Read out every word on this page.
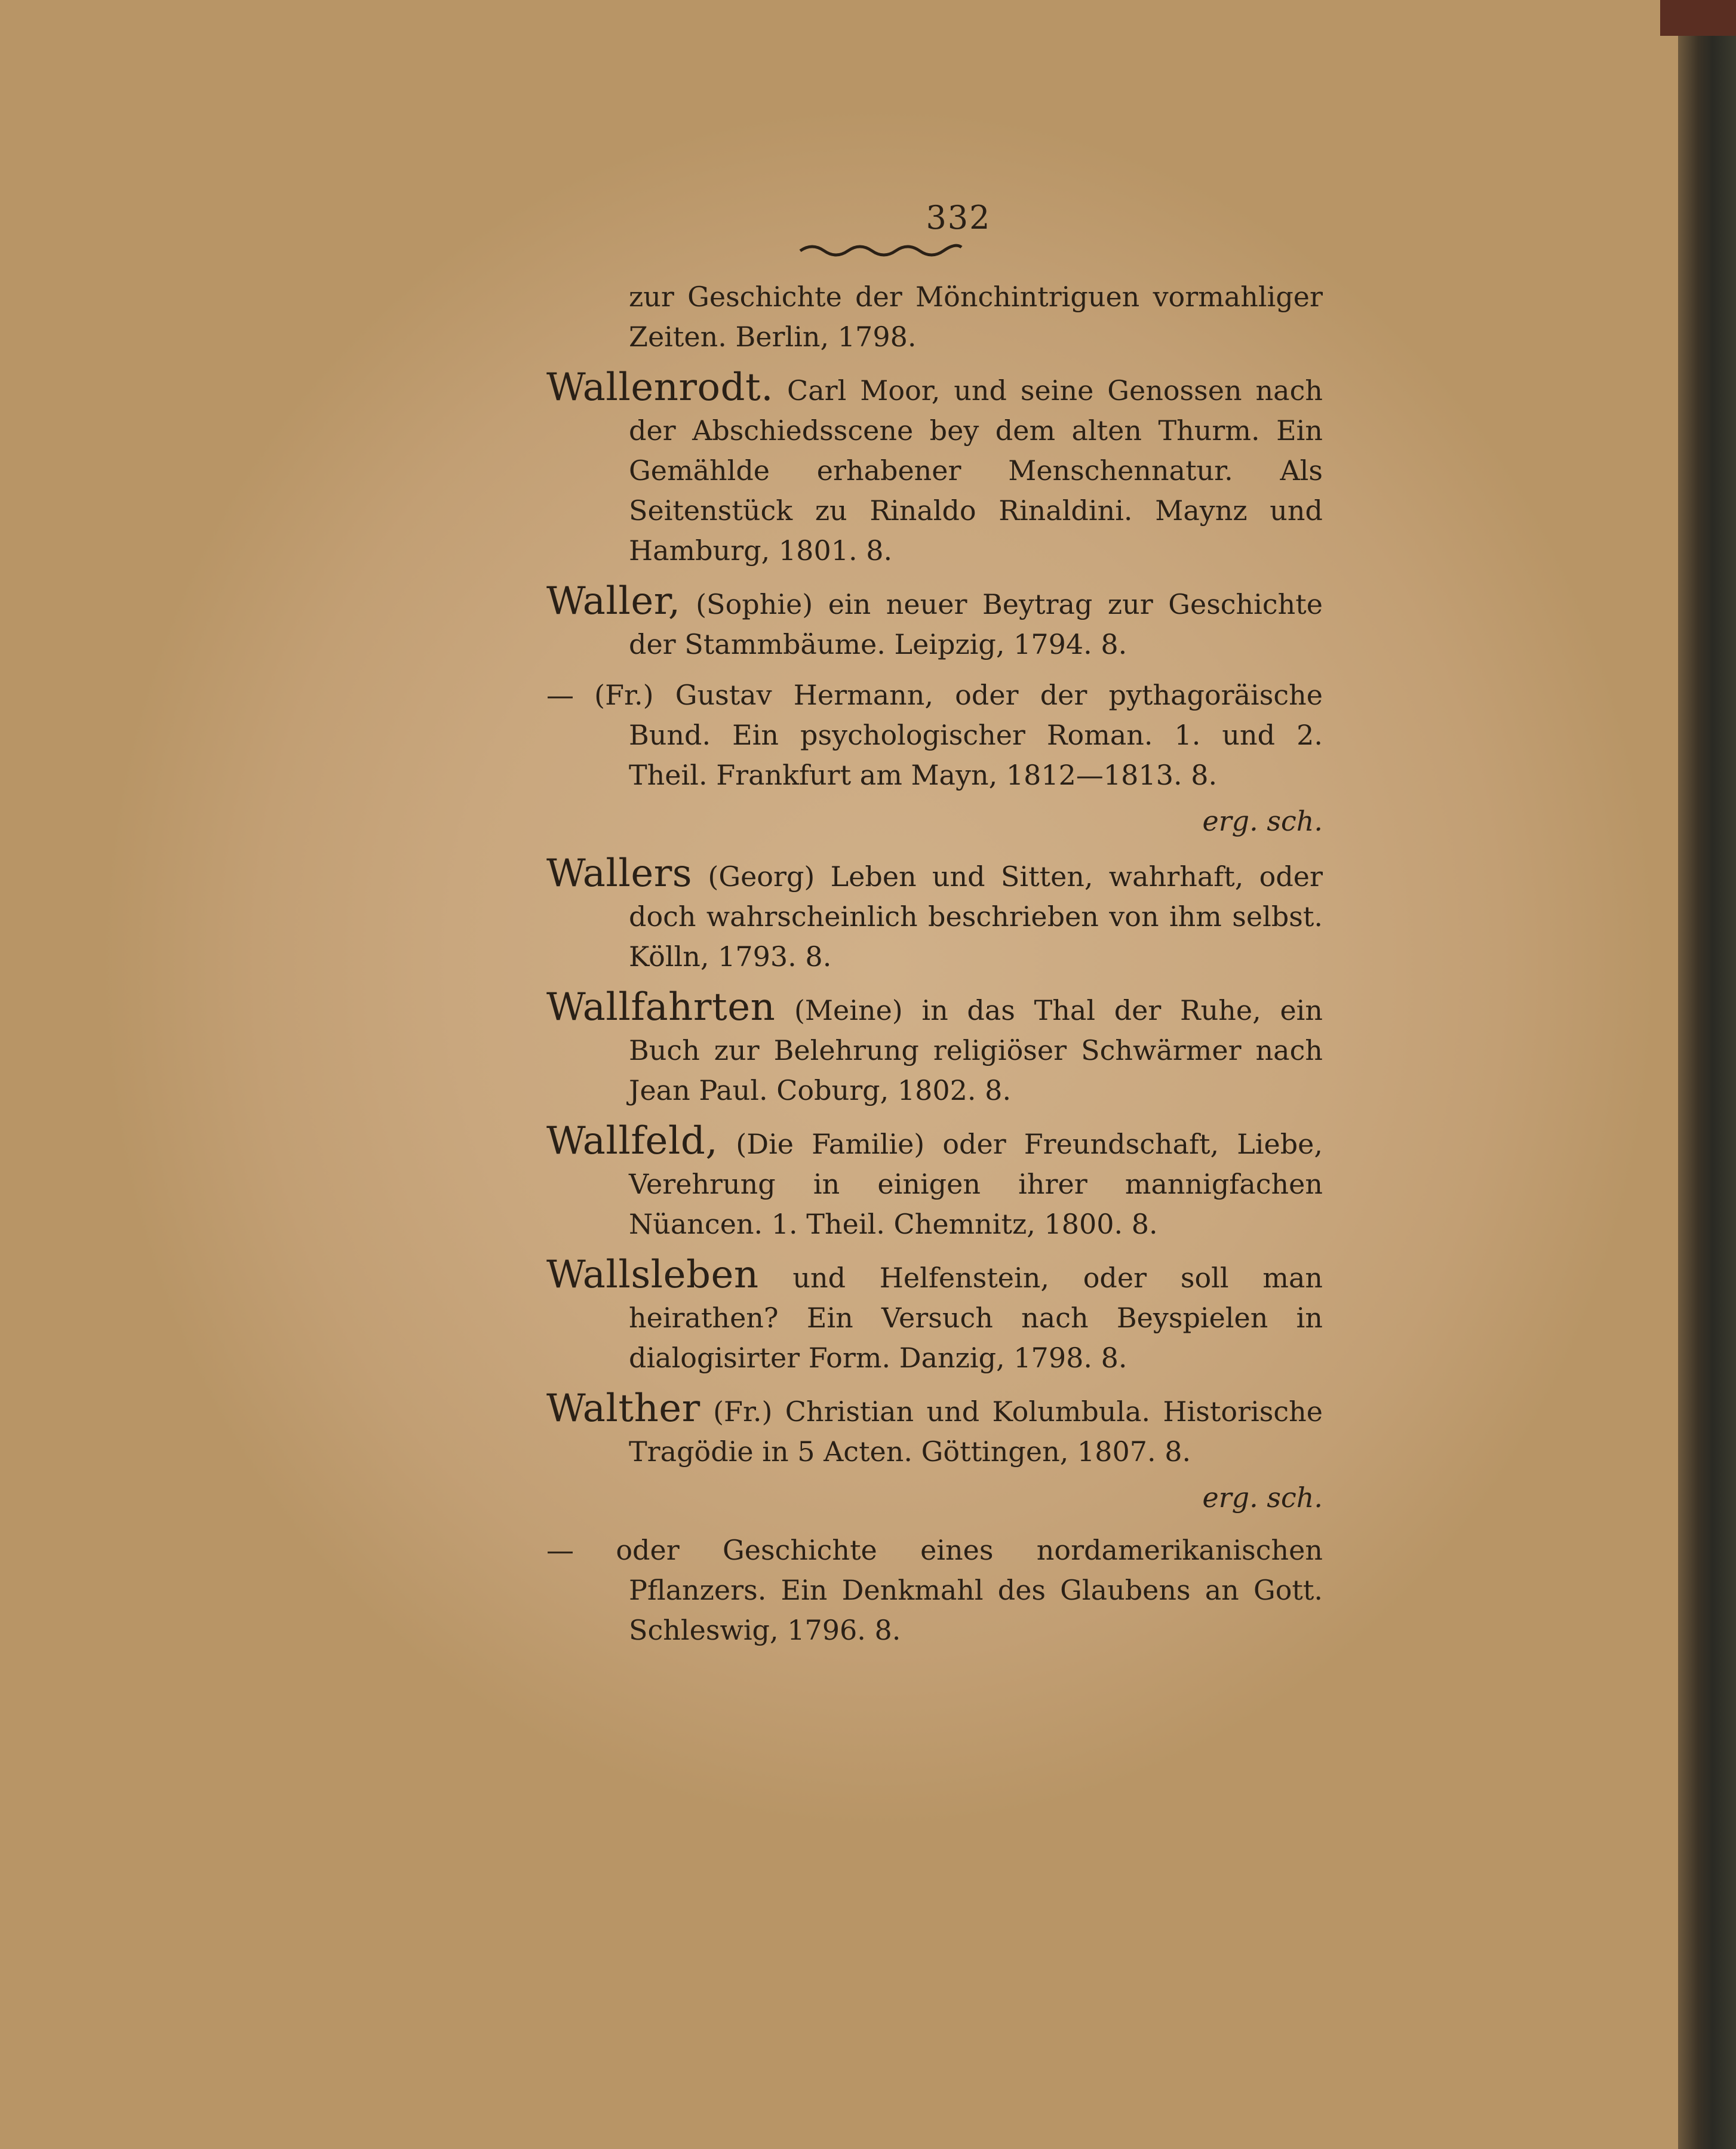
332
zur Geschichte der Mönchintriguen vormahliger Zeiten. Berlin, 1798.
Wallenrodt. Carl Moor, und seine Genossen nach der Abschiedsscene bey dem alten Thurm. Ein Gemählde erhabener Menschennatur. Als Seitenstück zu Rinaldo Rinaldini. Maynz und Hamburg, 1801. 8.
Waller, (Sophie) ein neuer Beytrag zur Geschichte der Stammbäume. Leipzig, 1794. 8.
— (Fr.) Gustav Hermann, oder der pythagoräische Bund. Ein psychologischer Roman. 1. und 2. Theil. Frankfurt am Mayn, 1812—1813. 8.
erg. sch.
Wallers (Georg) Leben und Sitten, wahrhaft, oder doch wahrscheinlich beschrieben von ihm selbst. Kölln, 1793. 8.
Wallfahrten (Meine) in das Thal der Ruhe, ein Buch zur Belehrung religiöser Schwärmer nach Jean Paul. Coburg, 1802. 8.
Wallfeld, (Die Familie) oder Freundschaft, Liebe, Verehrung in einigen ihrer mannigfachen Nüancen. 1. Theil. Chemnitz, 1800. 8.
Wallsleben und Helfenstein, oder soll man heirathen? Ein Versuch nach Beyspielen in dialogisirter Form. Danzig, 1798. 8.
Walther (Fr.) Christian und Kolumbula. Historische Tragödie in 5 Acten. Göttingen, 1807. 8.
erg. sch.
— oder Geschichte eines nordamerikanischen Pflanzers. Ein Denkmahl des Glaubens an Gott. Schleswig, 1796. 8.
